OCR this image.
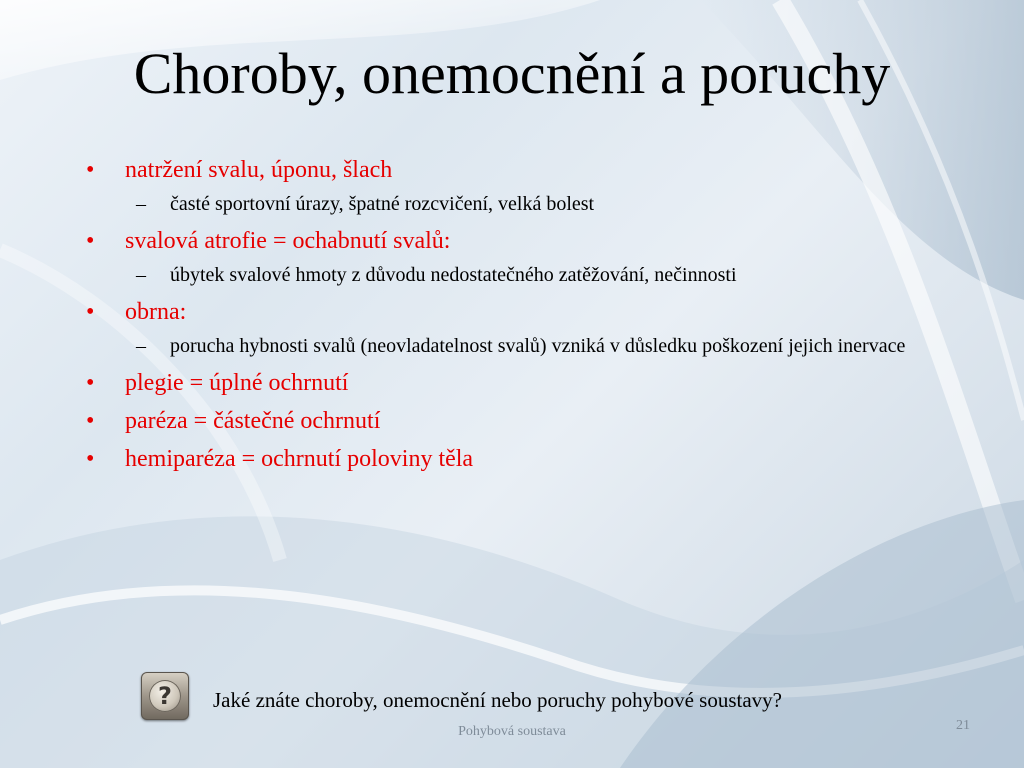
Choroby, onemocnění a poruchy
• natržení svalu, úponu, šlach
– časté sportovní úrazy, špatné rozcvičení, velká bolest
• svalová atrofie = ochabnutí svalů:
– úbytek svalové hmoty z důvodu nedostatečného zatěžování, nečinnosti
• obrna:
– porucha hybnosti svalů (neovladatelnost svalů) vzniká v důsledku poškození jejich inervace
• plegie = úplné ochrnutí
• paréza = částečné ochrnutí
• hemiparéza = ochrnutí poloviny těla
?	Jaké znáte choroby, onemocnění nebo poruchy pohybové soustavy?
Pohybová soustava	21
